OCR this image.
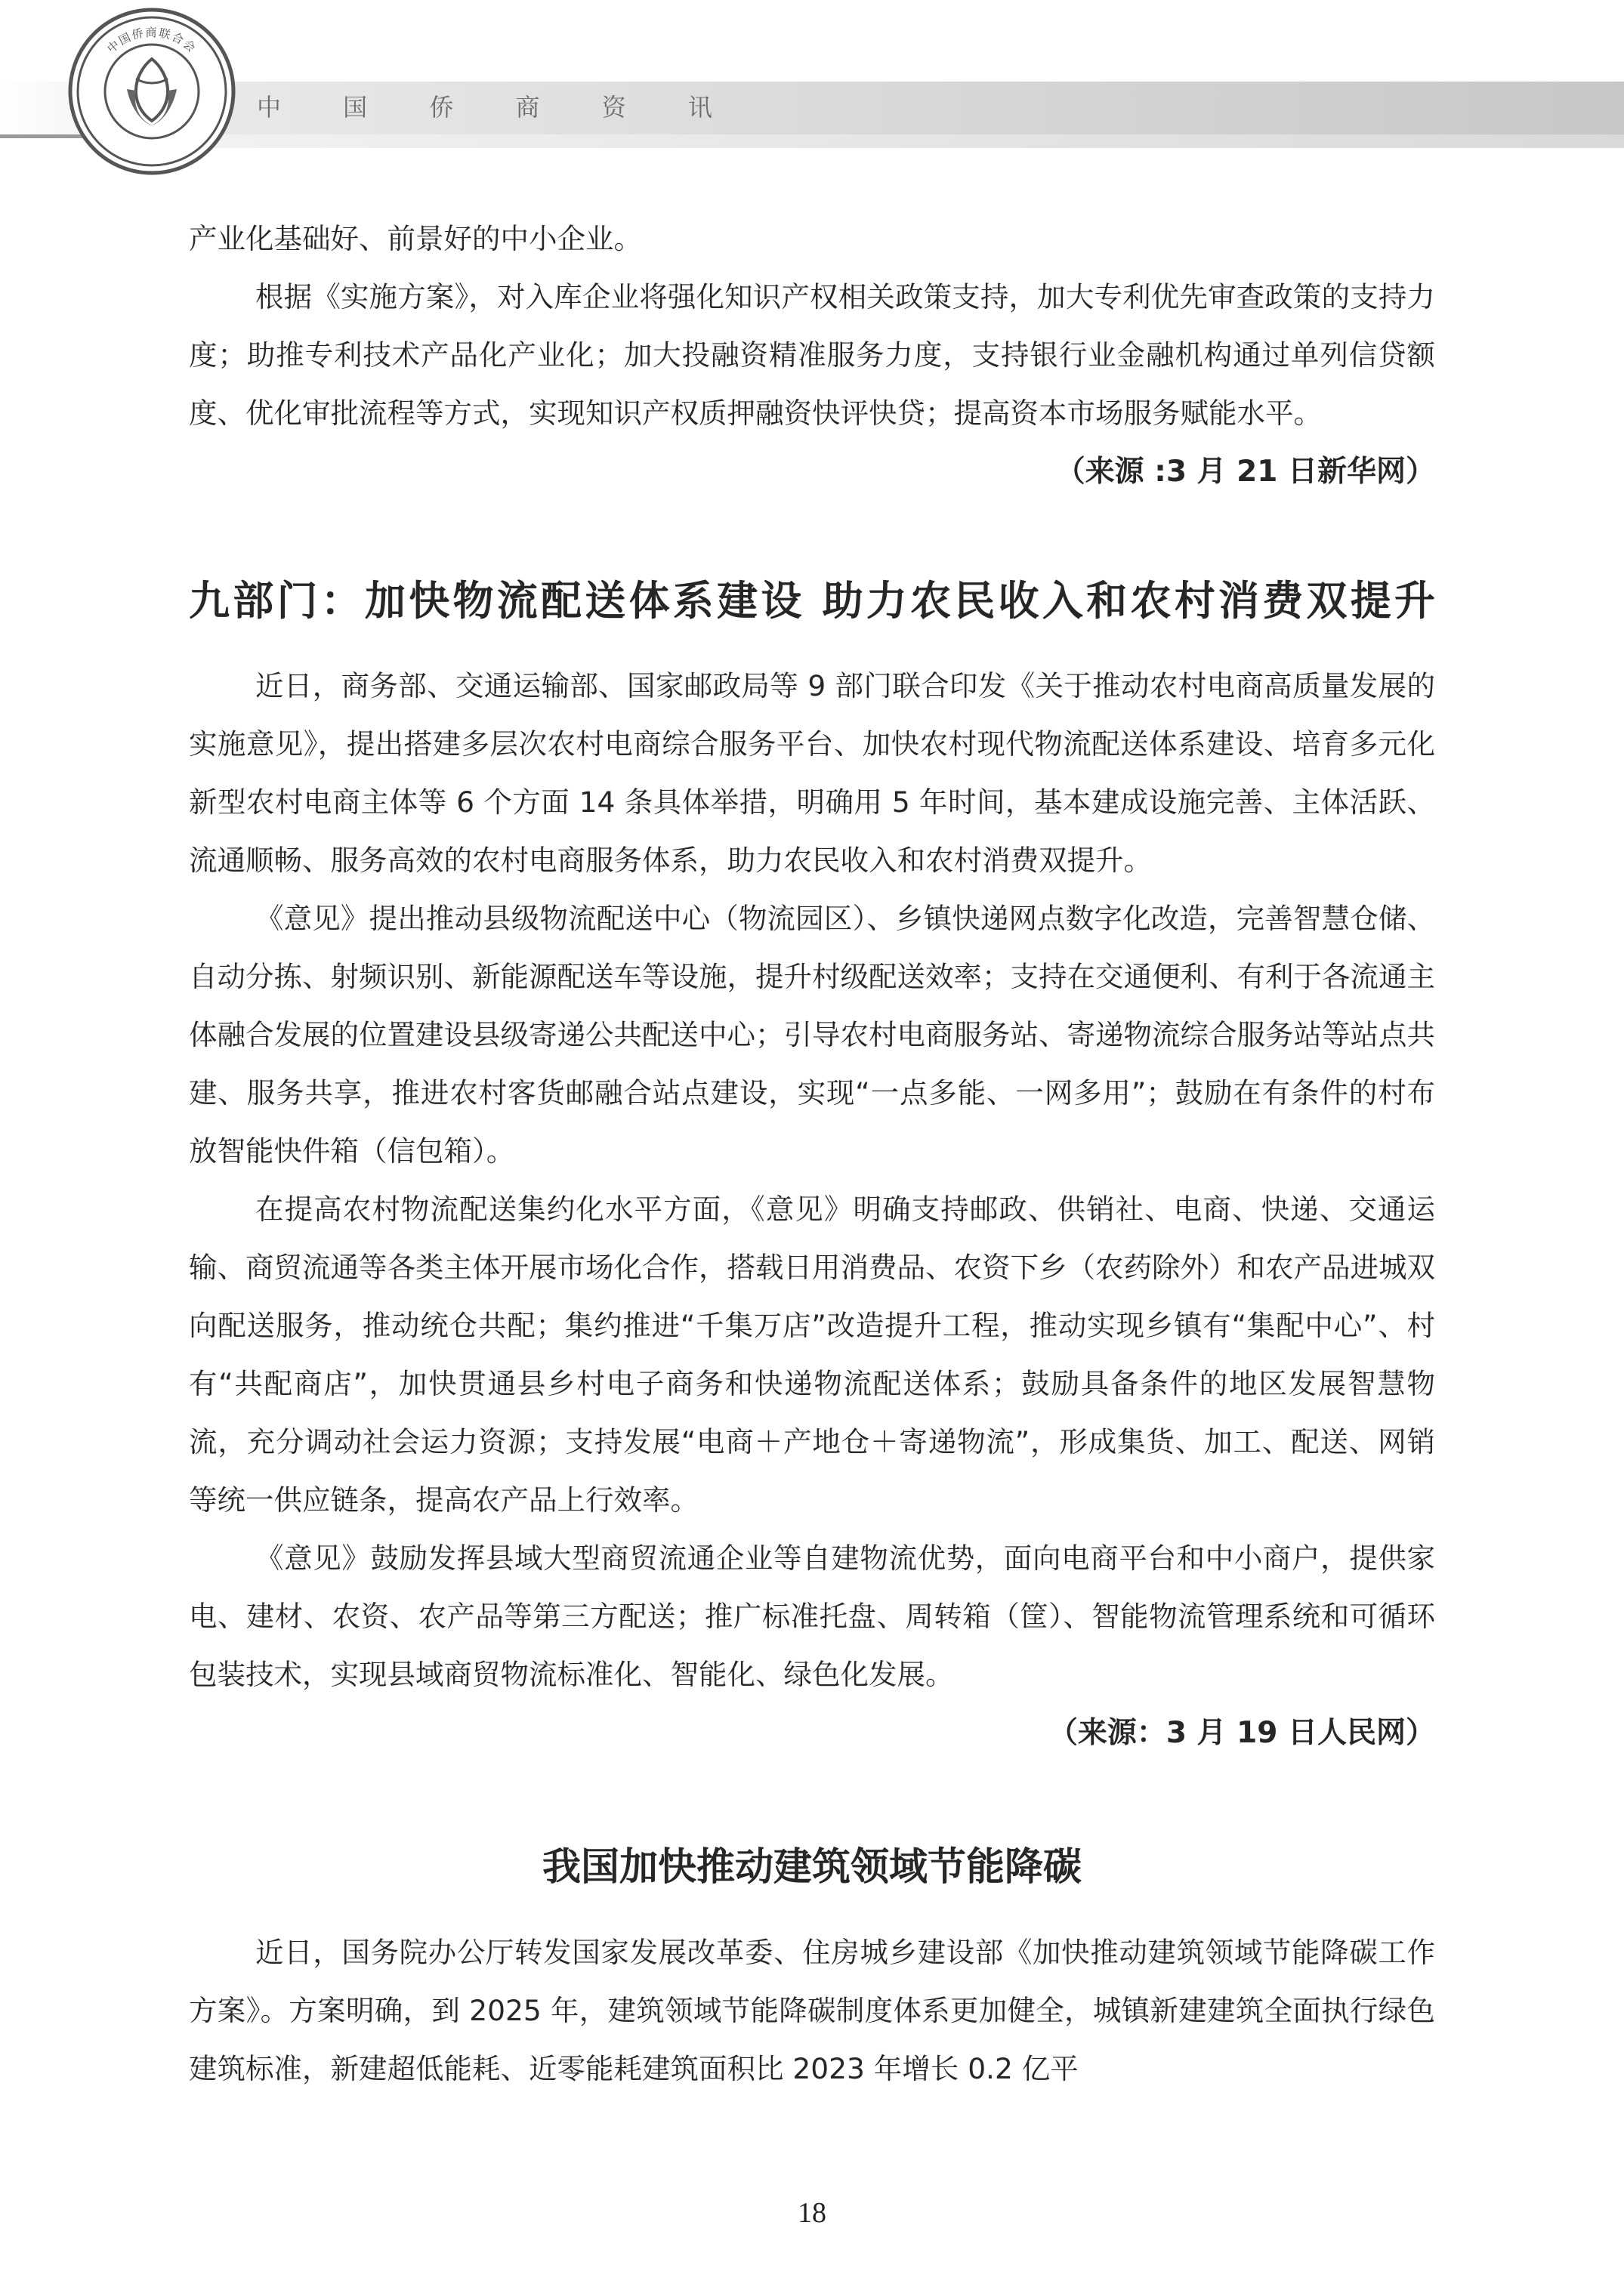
中 国 侨 商 资 讯
中国侨商联合会

产业化基础好、前景好的中小企业。

根据《实施方案》，对入库企业将强化知识产权相关政策支持，加大专利优先审查政策的支持力度；助推专利技术产品化产业化；加大投融资精准服务力度，支持银行业金融机构通过单列信贷额度、优化审批流程等方式，实现知识产权质押融资快评快贷；提高资本市场服务赋能水平。

（来源 :3 月 21 日新华网）

九部门：加快物流配送体系建设 助力农民收入和农村消费双提升

近日，商务部、交通运输部、国家邮政局等 9 部门联合印发《关于推动农村电商高质量发展的实施意见》，提出搭建多层次农村电商综合服务平台、加快农村现代物流配送体系建设、培育多元化新型农村电商主体等 6 个方面 14 条具体举措，明确用 5 年时间，基本建成设施完善、主体活跃、流通顺畅、服务高效的农村电商服务体系，助力农民收入和农村消费双提升。

《意见》提出推动县级物流配送中心（物流园区）、乡镇快递网点数字化改造，完善智慧仓储、自动分拣、射频识别、新能源配送车等设施，提升村级配送效率；支持在交通便利、有利于各流通主体融合发展的位置建设县级寄递公共配送中心；引导农村电商服务站、寄递物流综合服务站等站点共建、服务共享，推进农村客货邮融合站点建设，实现“一点多能、一网多用”；鼓励在有条件的村布放智能快件箱（信包箱）。

在提高农村物流配送集约化水平方面，《意见》明确支持邮政、供销社、电商、快递、交通运输、商贸流通等各类主体开展市场化合作，搭载日用消费品、农资下乡（农药除外）和农产品进城双向配送服务，推动统仓共配；集约推进“千集万店”改造提升工程，推动实现乡镇有“集配中心”、村有“共配商店”，加快贯通县乡村电子商务和快递物流配送体系；鼓励具备条件的地区发展智慧物流，充分调动社会运力资源；支持发展“电商＋产地仓＋寄递物流”，形成集货、加工、配送、网销等统一供应链条，提高农产品上行效率。

《意见》鼓励发挥县域大型商贸流通企业等自建物流优势，面向电商平台和中小商户，提供家电、建材、农资、农产品等第三方配送；推广标准托盘、周转箱（筐）、智能物流管理系统和可循环包装技术，实现县域商贸物流标准化、智能化、绿色化发展。

（来源：3 月 19 日人民网）

我国加快推动建筑领域节能降碳

近日，国务院办公厅转发国家发展改革委、住房城乡建设部《加快推动建筑领域节能降碳工作方案》。方案明确，到 2025 年，建筑领域节能降碳制度体系更加健全，城镇新建建筑全面执行绿色建筑标准，新建超低能耗、近零能耗建筑面积比 2023 年增长 0.2 亿平

18
